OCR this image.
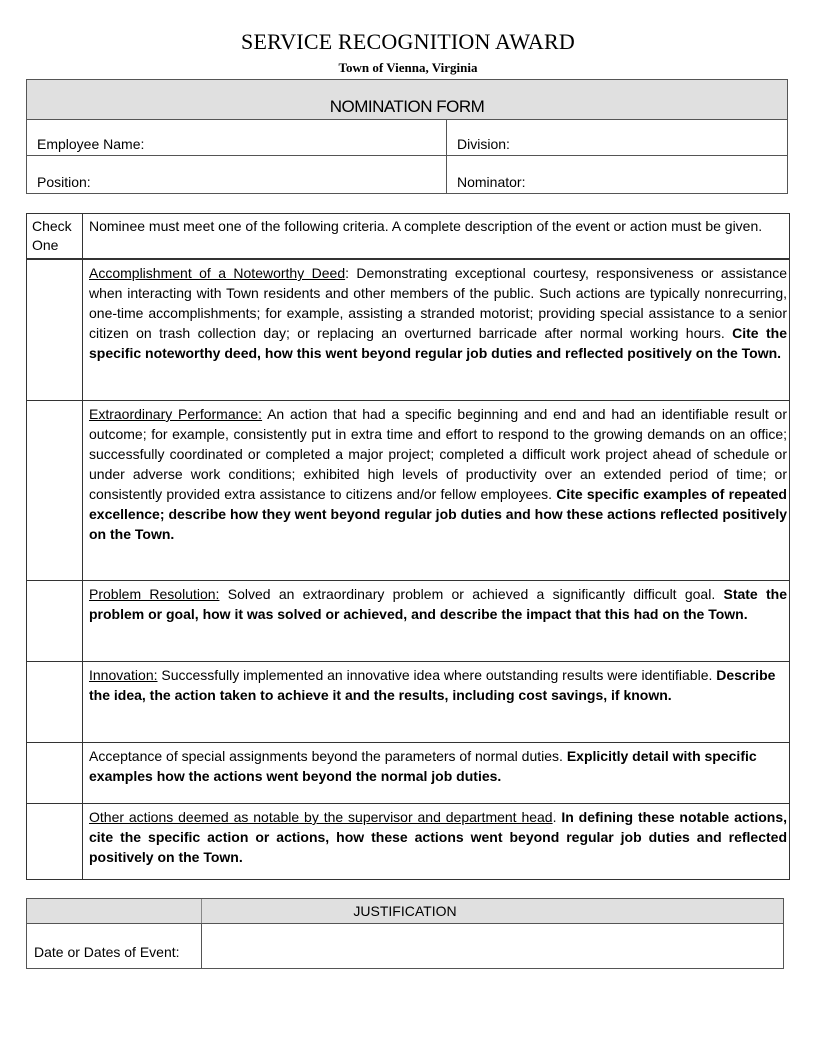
SERVICE RECOGNITION AWARD
Town of Vienna, Virginia
NOMINATION FORM
Employee Name:	Division:
Position:	Nominator:
Check One
Nominee must meet one of the following criteria. A complete description of the event or action must be given.
Accomplishment of a Noteworthy Deed: Demonstrating exceptional courtesy, responsiveness or assistance when interacting with Town residents and other members of the public. Such actions are typically nonrecurring, one-time accomplishments; for example, assisting a stranded motorist; providing special assistance to a senior citizen on trash collection day; or replacing an overturned barricade after normal working hours. Cite the specific noteworthy deed, how this went beyond regular job duties and reflected positively on the Town.
Extraordinary Performance: An action that had a specific beginning and end and had an identifiable result or outcome; for example, consistently put in extra time and effort to respond to the growing demands on an office; successfully coordinated or completed a major project; completed a difficult work project ahead of schedule or under adverse work conditions; exhibited high levels of productivity over an extended period of time; or consistently provided extra assistance to citizens and/or fellow employees. Cite specific examples of repeated excellence; describe how they went beyond regular job duties and how these actions reflected positively on the Town.
Problem Resolution: Solved an extraordinary problem or achieved a significantly difficult goal. State the problem or goal, how it was solved or achieved, and describe the impact that this had on the Town.
Innovation: Successfully implemented an innovative idea where outstanding results were identifiable. Describe the idea, the action taken to achieve it and the results, including cost savings, if known.
Acceptance of special assignments beyond the parameters of normal duties. Explicitly detail with specific examples how the actions went beyond the normal job duties.
Other actions deemed as notable by the supervisor and department head. In defining these notable actions, cite the specific action or actions, how these actions went beyond regular job duties and reflected positively on the Town.
JUSTIFICATION
Date or Dates of Event:
